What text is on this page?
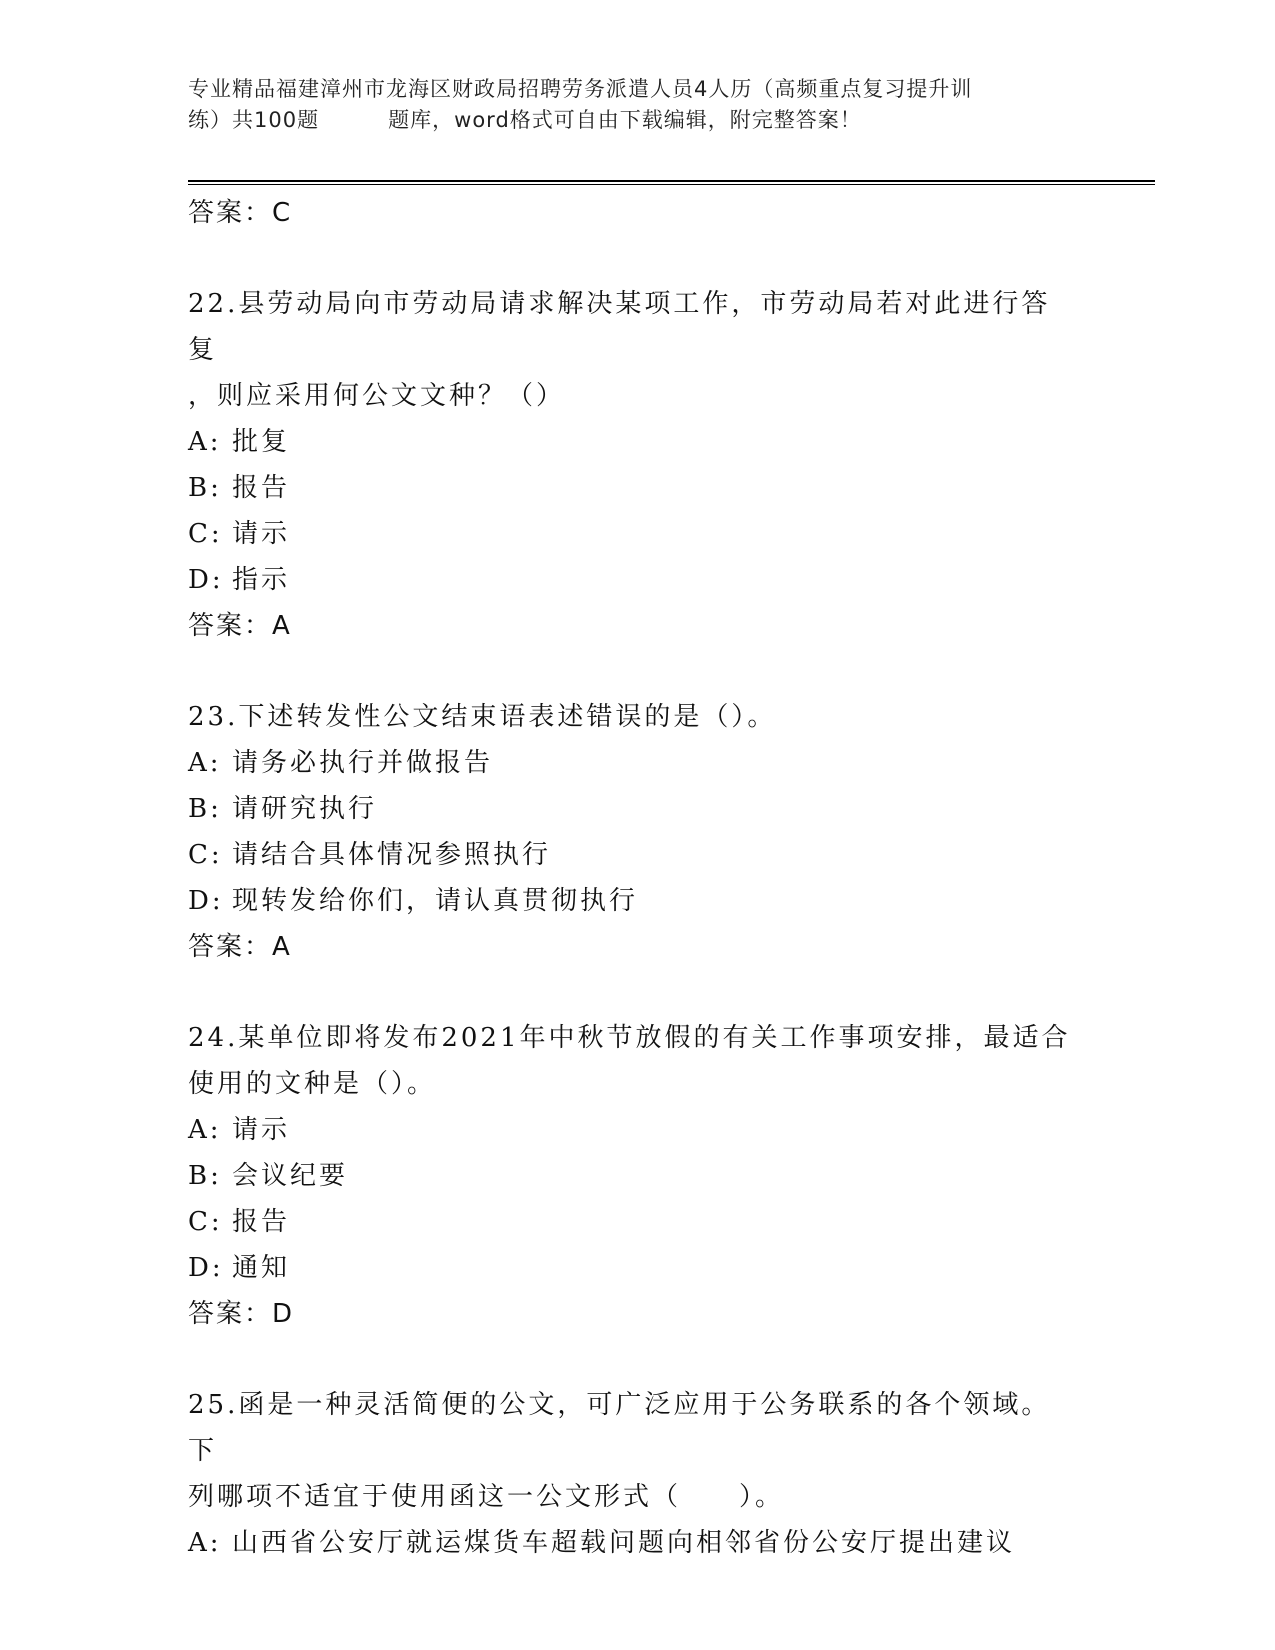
专业精品福建漳州市龙海区财政局招聘劳务派遣人员4人历（高频重点复习提升训
练）共100题         题库，word格式可自由下载编辑，附完整答案！
答案：C
22.县劳动局向市劳动局请求解决某项工作，市劳动局若对此进行答复
，则应采用何公文文种？（）
A: 批复
B: 报告
C: 请示
D: 指示
答案：A
23.下述转发性公文结束语表述错误的是（）。
A: 请务必执行并做报告
B: 请研究执行
C: 请结合具体情况参照执行
D: 现转发给你们，请认真贯彻执行
答案：A
24.某单位即将发布2021年中秋节放假的有关工作事项安排，最适合
使用的文种是（）。
A: 请示
B: 会议纪要
C: 报告
D: 通知
答案：D
25.函是一种灵活简便的公文，可广泛应用于公务联系的各个领域。下
列哪项不适宜于使用函这一公文形式（　　）。
A: 山西省公安厅就运煤货车超载问题向相邻省份公安厅提出建议
